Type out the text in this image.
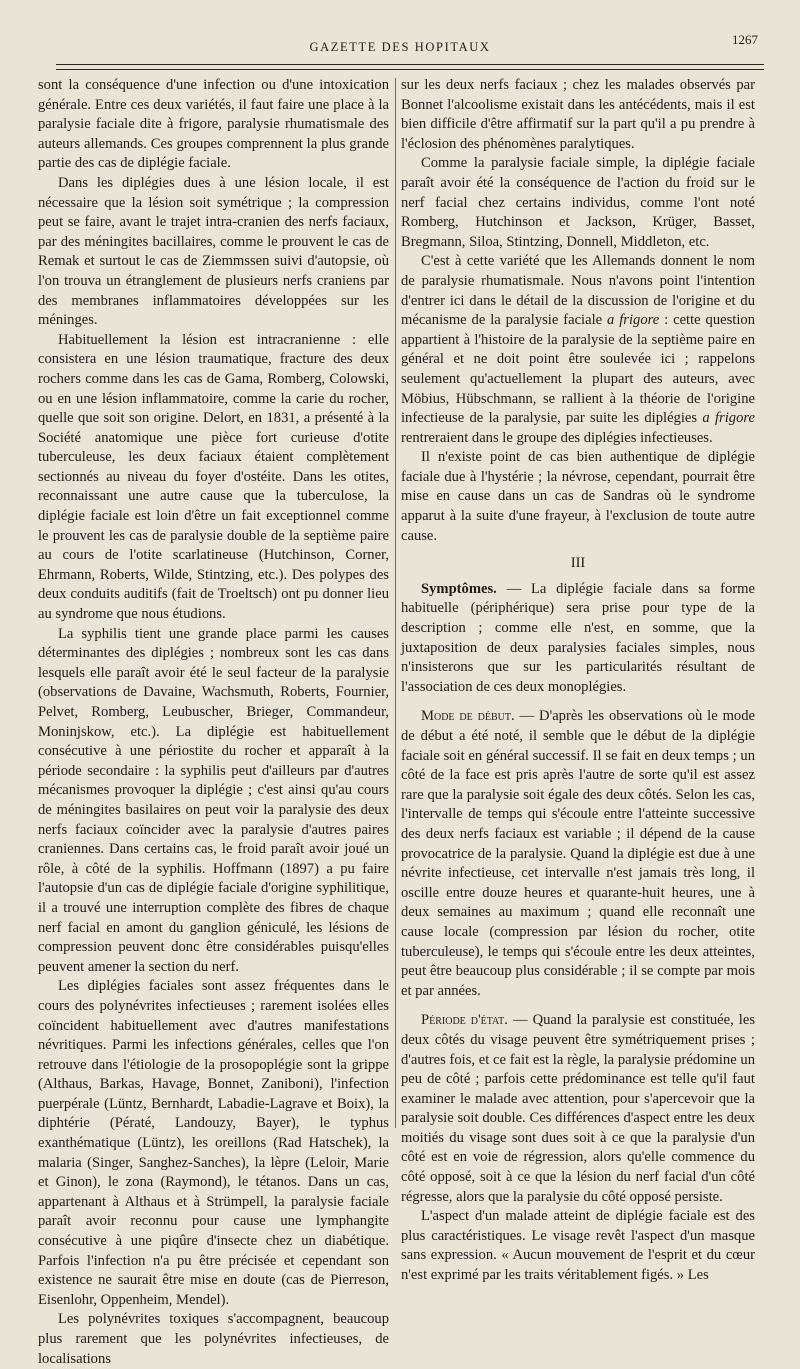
GAZETTE DES HOPITAUX	1267

sont la conséquence d'une infection ou d'une intoxication générale. Entre ces deux variétés, il faut faire une place à la paralysie faciale dite à frigore, paralysie rhumatismale des auteurs allemands. Ces groupes comprennent la plus grande partie des cas de diplégie faciale.

Dans les diplégies dues à une lésion locale, il est nécessaire que la lésion soit symétrique ; la compression peut se faire, avant le trajet intra-cranien des nerfs faciaux, par des méningites bacillaires, comme le prouvent le cas de Remak et surtout le cas de Ziemmssen suivi d'autopsie, où l'on trouva un étranglement de plusieurs nerfs craniens par des membranes inflammatoires développées sur les méninges.

Habituellement la lésion est intracranienne : elle consistera en une lésion traumatique, fracture des deux rochers comme dans les cas de Gama, Romberg, Colowski, ou en une lésion inflammatoire, comme la carie du rocher, quelle que soit son origine. Delort, en 1831, a présenté à la Société anatomique une pièce fort curieuse d'otite tuberculeuse, les deux faciaux étaient complètement sectionnés au niveau du foyer d'ostéite. Dans les otites, reconnaissant une autre cause que la tuberculose, la diplégie faciale est loin d'être un fait exceptionnel comme le prouvent les cas de paralysie double de la septième paire au cours de l'otite scarlatineuse (Hutchinson, Corner, Ehrmann, Roberts, Wilde, Stintzing, etc.). Des polypes des deux conduits auditifs (fait de Troeltsch) ont pu donner lieu au syndrome que nous étudions.

La syphilis tient une grande place parmi les causes déterminantes des diplégies ; nombreux sont les cas dans lesquels elle paraît avoir été le seul facteur de la paralysie (observations de Davaine, Wachsmuth, Roberts, Fournier, Pelvet, Romberg, Leubuscher, Brieger, Commandeur, Moninjskow, etc.). La diplégie est habituellement consécutive à une périostite du rocher et apparaît à la période secondaire : la syphilis peut d'ailleurs par d'autres mécanismes provoquer la diplégie ; c'est ainsi qu'au cours de méningites basilaires on peut voir la paralysie des deux nerfs faciaux coïncider avec la paralysie d'autres paires craniennes. Dans certains cas, le froid paraît avoir joué un rôle, à côté de la syphilis. Hoffmann (1897) a pu faire l'autopsie d'un cas de diplégie faciale d'origine syphilitique, il a trouvé une interruption complète des fibres de chaque nerf facial en amont du ganglion géniculé, les lésions de compression peuvent donc être considérables puisqu'elles peuvent amener la section du nerf.

Les diplégies faciales sont assez fréquentes dans le cours des polynévrites infectieuses ; rarement isolées elles coïncident habituellement avec d'autres manifestations névritiques. Parmi les infections générales, celles que l'on retrouve dans l'étiologie de la prosopoplégie sont la grippe (Althaus, Barkas, Havage, Bonnet, Zaniboni), l'infection puerpérale (Lüntz, Bernhardt, Labadie-Lagrave et Boix), la diphtérie (Pératé, Landouzy, Bayer), le typhus exanthématique (Lüntz), les oreillons (Rad Hatschek), la malaria (Singer, Sanghez-Sanches), la lèpre (Leloir, Marie et Ginon), le zona (Raymond), le tétanos. Dans un cas, appartenant à Althaus et à Strümpell, la paralysie faciale paraît avoir reconnu pour cause une lymphangite consécutive à une piqûre d'insecte chez un diabétique. Parfois l'infection n'a pu être précisée et cependant son existence ne saurait être mise en doute (cas de Pierreson, Eisenlohr, Oppenheim, Mendel).

Les polynévrites toxiques s'accompagnent, beaucoup plus rarement que les polynévrites infectieuses, de localisations

sur les deux nerfs faciaux ; chez les malades observés par Bonnet l'alcoolisme existait dans les antécédents, mais il est bien difficile d'être affirmatif sur la part qu'il a pu prendre à l'éclosion des phénomènes paralytiques.

Comme la paralysie faciale simple, la diplégie faciale paraît avoir été la conséquence de l'action du froid sur le nerf facial chez certains individus, comme l'ont noté Romberg, Hutchinson et Jackson, Krüger, Basset, Bregmann, Siloa, Stintzing, Donnell, Middleton, etc.

C'est à cette variété que les Allemands donnent le nom de paralysie rhumatismale. Nous n'avons point l'intention d'entrer ici dans le détail de la discussion de l'origine et du mécanisme de la paralysie faciale a frigore : cette question appartient à l'histoire de la paralysie de la septième paire en général et ne doit point être soulevée ici ; rappelons seulement qu'actuellement la plupart des auteurs, avec Möbius, Hübschmann, se rallient à la théorie de l'origine infectieuse de la paralysie, par suite les diplégies a frigore rentreraient dans le groupe des diplégies infectieuses.

Il n'existe point de cas bien authentique de diplégie faciale due à l'hystérie ; la névrose, cependant, pourrait être mise en cause dans un cas de Sandras où le syndrome apparut à la suite d'une frayeur, à l'exclusion de toute autre cause.

III

Symptômes. — La diplégie faciale dans sa forme habituelle (périphérique) sera prise pour type de la description ; comme elle n'est, en somme, que la juxtaposition de deux paralysies faciales simples, nous n'insisterons que sur les particularités résultant de l'association de ces deux monoplégies.

Mode de début. — D'après les observations où le mode de début a été noté, il semble que le début de la diplégie faciale soit en général successif. Il se fait en deux temps ; un côté de la face est pris après l'autre de sorte qu'il est assez rare que la paralysie soit égale des deux côtés. Selon les cas, l'intervalle de temps qui s'écoule entre l'atteinte successive des deux nerfs faciaux est variable ; il dépend de la cause provocatrice de la paralysie. Quand la diplégie est due à une névrite infectieuse, cet intervalle n'est jamais très long, il oscille entre douze heures et quarante-huit heures, une à deux semaines au maximum ; quand elle reconnaît une cause locale (compression par lésion du rocher, otite tuberculeuse), le temps qui s'écoule entre les deux atteintes, peut être beaucoup plus considérable ; il se compte par mois et par années.

Période d'état. — Quand la paralysie est constituée, les deux côtés du visage peuvent être symétriquement prises ; d'autres fois, et ce fait est la règle, la paralysie prédomine un peu de côté ; parfois cette prédominance est telle qu'il faut examiner le malade avec attention, pour s'apercevoir que la paralysie soit double. Ces différences d'aspect entre les deux moitiés du visage sont dues soit à ce que la paralysie d'un côté est en voie de régression, alors qu'elle commence du côté opposé, soit à ce que la lésion du nerf facial d'un côté régresse, alors que la paralysie du côté opposé persiste.

L'aspect d'un malade atteint de diplégie faciale est des plus caractéristiques. Le visage revêt l'aspect d'un masque sans expression. « Aucun mouvement de l'esprit et du cœur n'est exprimé par les traits véritablement figés. » Les
